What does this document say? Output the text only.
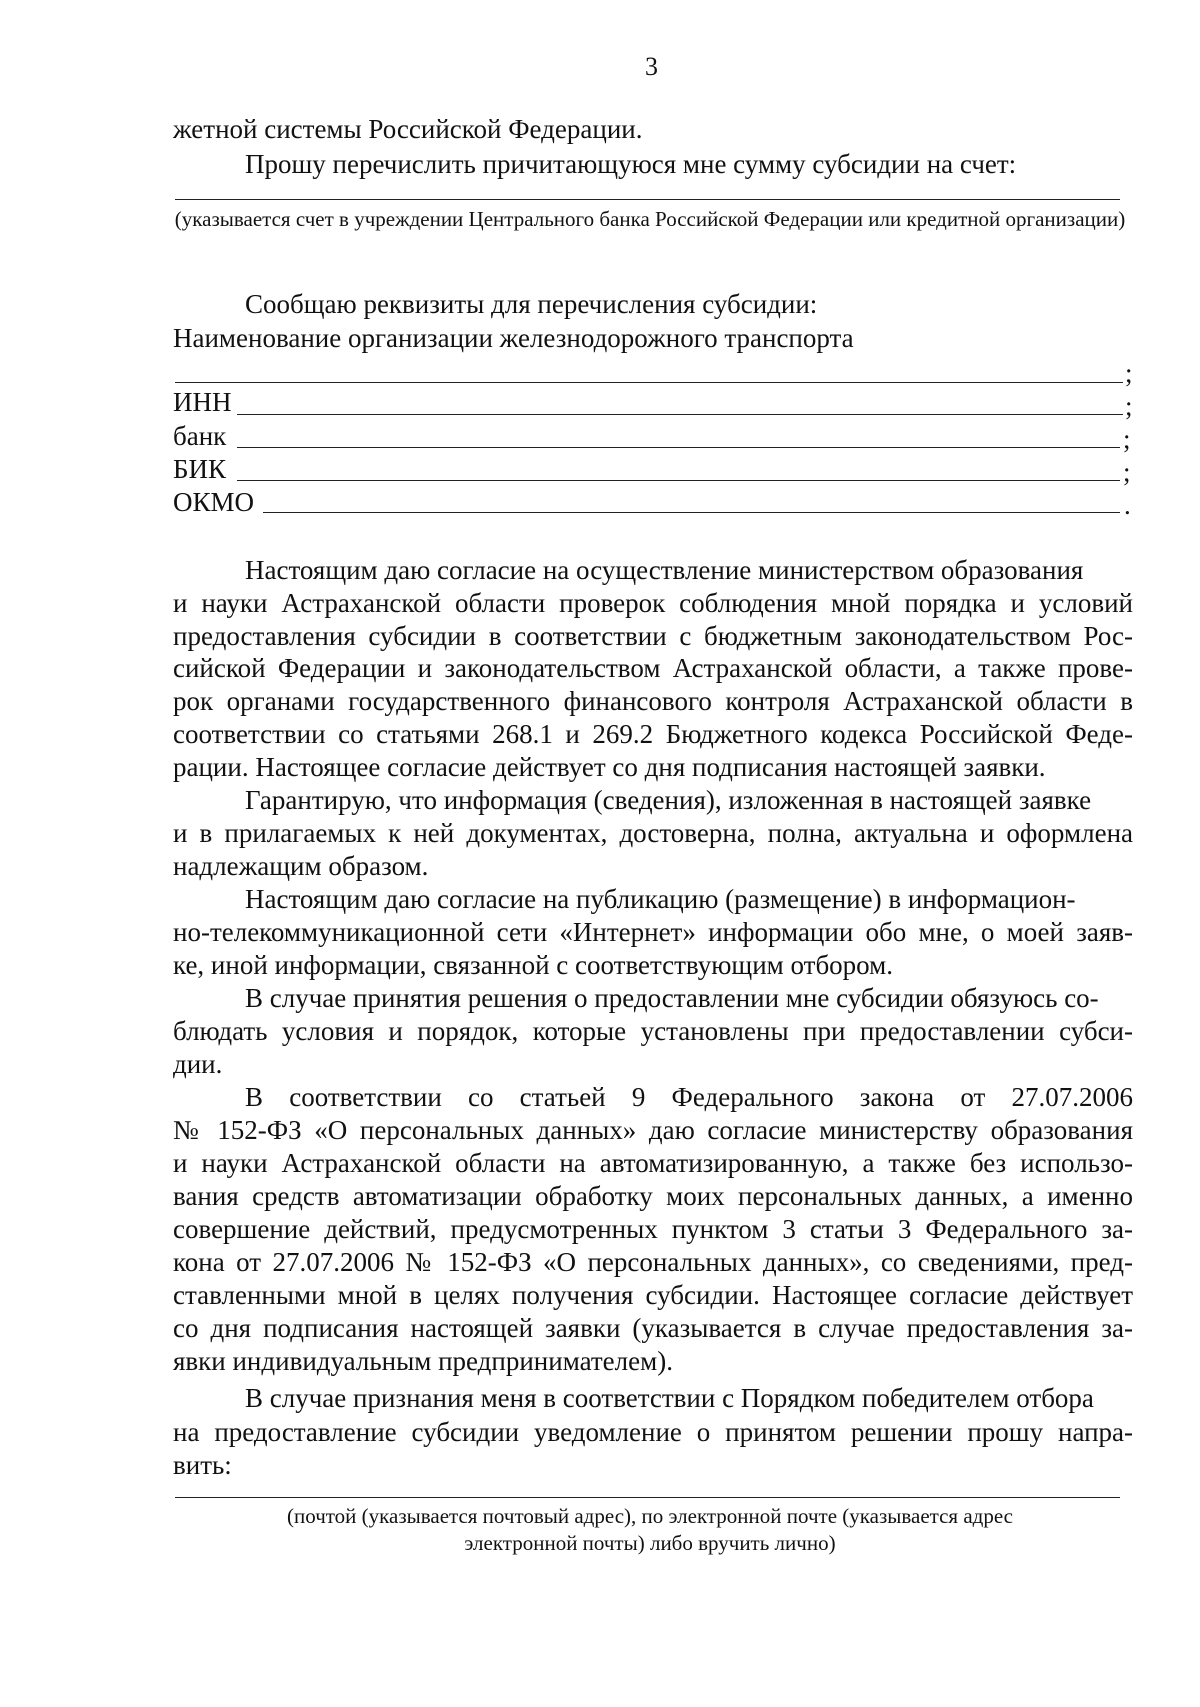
3
жетной системы Российской Федерации.
Прошу перечислить причитающуюся мне сумму субсидии на счет:
(указывается счет в учреждении Центрального банка Российской Федерации или кредитной организации)
Сообщаю реквизиты для перечисления субсидии:
Наименование организации железнодорожного транспорта
;
ИНН	;
банк	;
БИК	;
ОКМО	.
Настоящим даю согласие на осуществление министерством образования
и науки Астраханской области проверок соблюдения мной порядка и условий
предоставления субсидии в соответствии с бюджетным законодательством Рос-
сийской Федерации и законодательством Астраханской области, а также прове-
рок органами государственного финансового контроля Астраханской области в
соответствии со статьями 268.1 и 269.2 Бюджетного кодекса Российской Феде-
рации. Настоящее согласие действует со дня подписания настоящей заявки.
Гарантирую, что информация (сведения), изложенная в настоящей заявке
и в прилагаемых к ней документах, достоверна, полна, актуальна и оформлена
надлежащим образом.
Настоящим даю согласие на публикацию (размещение) в информацион-
но-телекоммуникационной сети «Интернет» информации обо мне, о моей заяв-
ке, иной информации, связанной с соответствующим отбором.
В случае принятия решения о предоставлении мне субсидии обязуюсь со-
блюдать условия и порядок, которые установлены при предоставлении субси-
дии.
В соответствии со статьей 9 Федерального закона от 27.07.2006
№ 152-ФЗ «О персональных данных» даю согласие министерству образования
и науки Астраханской области на автоматизированную, а также без использо-
вания средств автоматизации обработку моих персональных данных, а именно
совершение действий, предусмотренных пунктом 3 статьи 3 Федерального за-
кона от 27.07.2006 № 152-ФЗ «О персональных данных», со сведениями, пред-
ставленными мной в целях получения субсидии. Настоящее согласие действует
со дня подписания настоящей заявки (указывается в случае предоставления за-
явки индивидуальным предпринимателем).
В случае признания меня в соответствии с Порядком победителем отбора
на предоставление субсидии уведомление о принятом решении прошу напра-
вить:
(почтой (указывается почтовый адрес), по электронной почте (указывается адрес электронной почты) либо вручить лично)
